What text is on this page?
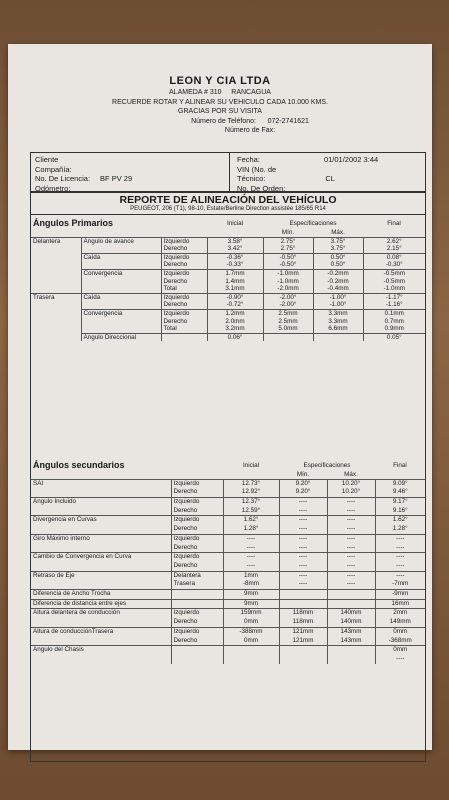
LEON Y CIA LTDA
ALAMEDA # 310 RANCAGUA
RECUERDE ROTAR Y ALINEAR SU VEHICULO CADA 10.000 KMS.
GRACIAS POR SU VISITA
Número de Teléfono: 072-2741621
Número de Fax:
Cliente
Compañía:
No. De Licencia: BF PV 29
Odómetro:
Fecha:	01/01/2002 3:44
VIN (No. de
Técnico:	CL
No. De Orden:
REPORTE DE ALINEACIÓN DEL VEHÍCULO
PEUGEOT, 206 (T1), 98-10, Estate/Berline Direction assistée 185/65 R14
Ángulos Primarios			Inicial	Especificaciones		Final
				Mín.	Máx.	
Delantera	Ángulo de avance	Izquierdo	3.58°	2.75°	3.75°	2.62°
		Derecho	3.42°	2.75°	3.75°	2.15°
	Caída	Izquierdo	-0.36°	-0.50°	0.50°	0.08°
		Derecho	-0.33°	-0.50°	0.50°	-0.30°
	Convergencia	Izquierdo	1.7mm	-1.0mm	-0.2mm	-0.5mm
		Derecho	1.4mm	-1.0mm	-0.2mm	-0.5mm
		Total	3.1mm	-2.0mm	-0.4mm	-1.0mm
Trasera	Caída	Izquierdo	-0.90°	-2.00°	-1.00°	-1.17°
		Derecho	-0.72°	-2.00°	-1.00°	-1.16°
	Convergencia	Izquierdo	1.2mm	2.5mm	3.3mm	0.1mm
		Derecho	2.0mm	2.5mm	3.3mm	0.7mm
		Total	3.2mm	5.0mm	6.6mm	0.9mm
	Ángulo Direccional		0.06°			0.05°
Ángulos secundarios		Inicial	Especificaciones		Final
			Mín.	Máx.	
SAI	Izquierdo	12.73°	9.20°	10.20°	9.09°
	Derecho	12.92°	9.20°	10.20°	9.46°
Ángulo Incluido	Izquierdo	12.37°	----	----	9.17°
	Derecho	12.59°	----	----	9.16°
Divergencia en Curvas	Izquierdo	1.62°	----	----	1.62°
	Derecho	1.28°	----	----	1.28°
Giro Máximo interno	Izquierdo	----	----	----	----
	Derecho	----	----	----	----
Cambio de Convergencia en Curva	Izquierdo	----	----	----	----
	Derecho	----	----	----	----
Retraso de Eje	Delantera	1mm	----	----	----
	Trasera	-8mm	----	----	-7mm
Diferencia de Ancho Trocha		9mm			-9mm
Diferencia de distancia entre ejes		9mm			16mm
Altura delantera de conducción	Izquierdo	159mm	118mm	140mm	2mm
	Derecho	0mm	118mm	140mm	149mm
Altura de conducciónTrasera	Izquierdo	-388mm	121mm	143mm	0mm
	Derecho	0mm	121mm	143mm	-368mm
Angulo del Chasis					0mm
					----
